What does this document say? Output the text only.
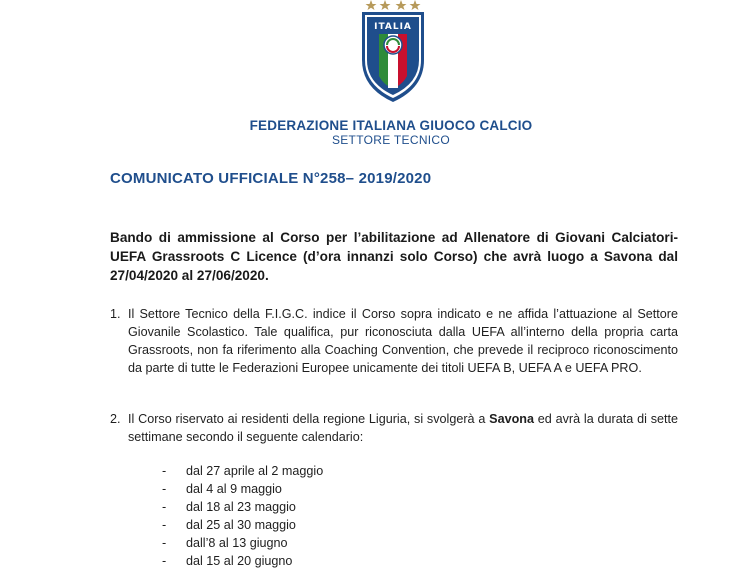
ITALIA
FEDERAZIONE ITALIANA GIUOCO CALCIO
SETTORE TECNICO
COMUNICATO UFFICIALE N°258– 2019/2020
Bando di ammissione al Corso per l’abilitazione ad Allenatore di Giovani Calciatori- UEFA Grassroots C Licence (d’ora innanzi solo Corso) che avrà luogo a Savona dal 27/04/2020 al 27/06/2020.
1. Il Settore Tecnico della F.I.G.C. indice il Corso sopra indicato e ne affida l’attuazione al Settore Giovanile Scolastico. Tale qualifica, pur riconosciuta dalla UEFA all’interno della propria carta Grassroots, non fa riferimento alla Coaching Convention, che prevede il reciproco riconoscimento da parte di tutte le Federazioni Europee unicamente dei titoli UEFA B, UEFA A e UEFA PRO.
2. Il Corso riservato ai residenti della regione Liguria, si svolgerà a Savona ed avrà la durata di sette settimane secondo il seguente calendario:
- dal 27 aprile al 2 maggio
- dal 4 al 9 maggio
- dal 18 al 23 maggio
- dal 25 al 30 maggio
- dall’8 al 13 giugno
- dal 15 al 20 giugno
